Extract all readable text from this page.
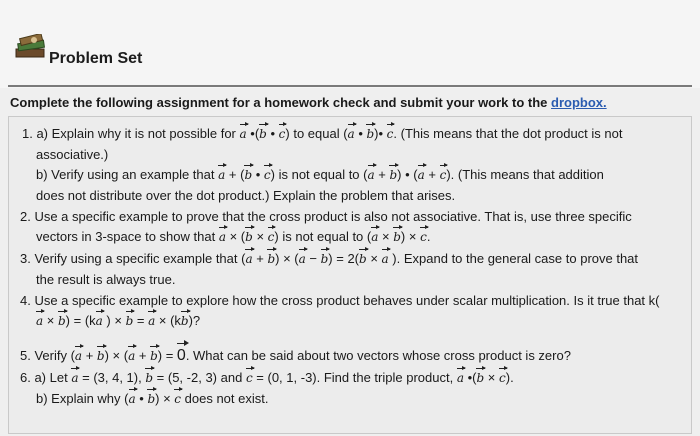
Problem Set
Complete the following assignment for a homework check and submit your work to the dropbox.
1. a) Explain why it is not possible for a •(b • c) to equal (a • b)• c. (This means that the dot product is not
associative.)
b) Verify using an example that a + (b • c) is not equal to (a + b) • (a + c). (This means that addition
does not distribute over the dot product.) Explain the problem that arises.
2. Use a specific example to prove that the cross product is also not associative. That is, use three specific
vectors in 3-space to show that a × (b × c) is not equal to (a × b) × c.
3. Verify using a specific example that (a + b) × (a − b) = 2(b × a ). Expand to the general case to prove that
the result is always true.
4. Use a specific example to explore how the cross product behaves under scalar multiplication. Is it true that k(
a × b) = (ka ) × b = a × (kb)?
5. Verify (a + b) × (a + b) = 0. What can be said about two vectors whose cross product is zero?
6. a) Let a = (3, 4, 1), b = (5, -2, 3) and c = (0, 1, -3). Find the triple product, a •(b × c).
b) Explain why (a • b) × c does not exist.
